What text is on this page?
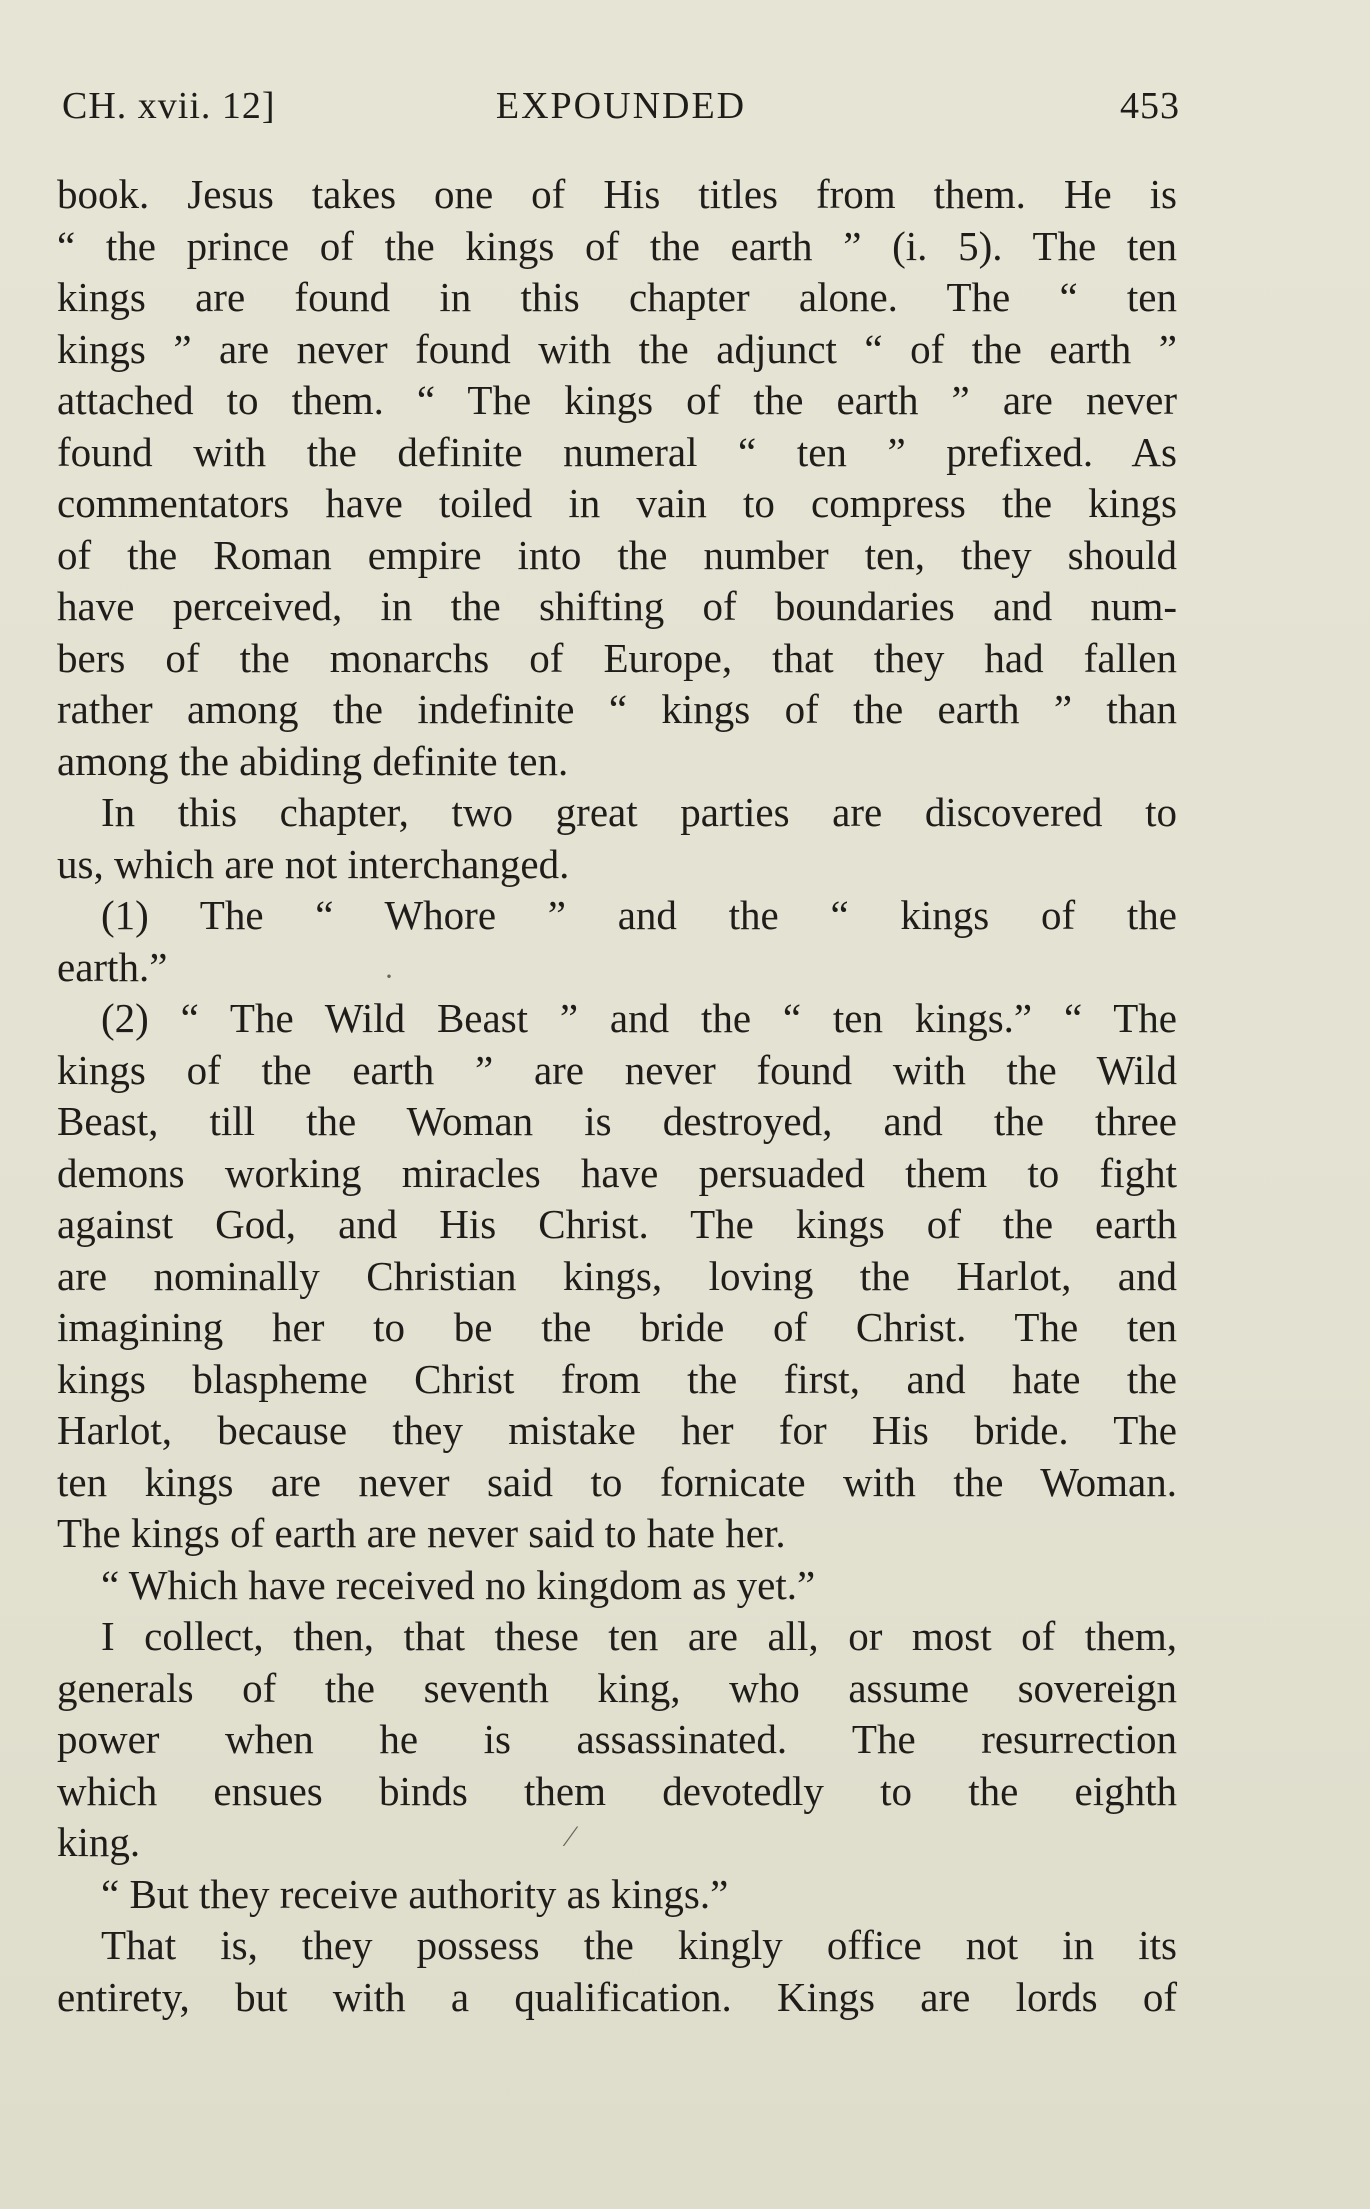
CH. xvii. 12]	EXPOUNDED	453
book. Jesus takes one of His titles from them. He is
“ the prince of the kings of the earth ” (i. 5). The ten
kings are found in this chapter alone. The “ ten
kings ” are never found with the adjunct “ of the earth ”
attached to them. “ The kings of the earth ” are never
found with the definite numeral “ ten ” prefixed. As
commentators have toiled in vain to compress the kings
of the Roman empire into the number ten, they should
have perceived, in the shifting of boundaries and num-
bers of the monarchs of Europe, that they had fallen
rather among the indefinite “ kings of the earth ” than
among the abiding definite ten.
In this chapter, two great parties are discovered to
us, which are not interchanged.
(1) The “ Whore ” and the “ kings of the
earth.”
(2) “ The Wild Beast ” and the “ ten kings.” “ The
kings of the earth ” are never found with the Wild
Beast, till the Woman is destroyed, and the three
demons working miracles have persuaded them to fight
against God, and His Christ. The kings of the earth
are nominally Christian kings, loving the Harlot, and
imagining her to be the bride of Christ. The ten
kings blaspheme Christ from the first, and hate the
Harlot, because they mistake her for His bride. The
ten kings are never said to fornicate with the Woman.
The kings of earth are never said to hate her.
“ Which have received no kingdom as yet.”
I collect, then, that these ten are all, or most of them,
generals of the seventh king, who assume sovereign
power when he is assassinated. The resurrection
which ensues binds them devotedly to the eighth
king.
“ But they receive authority as kings.”
That is, they possess the kingly office not in its
entirety, but with a qualification. Kings are lords of
·
⁄
